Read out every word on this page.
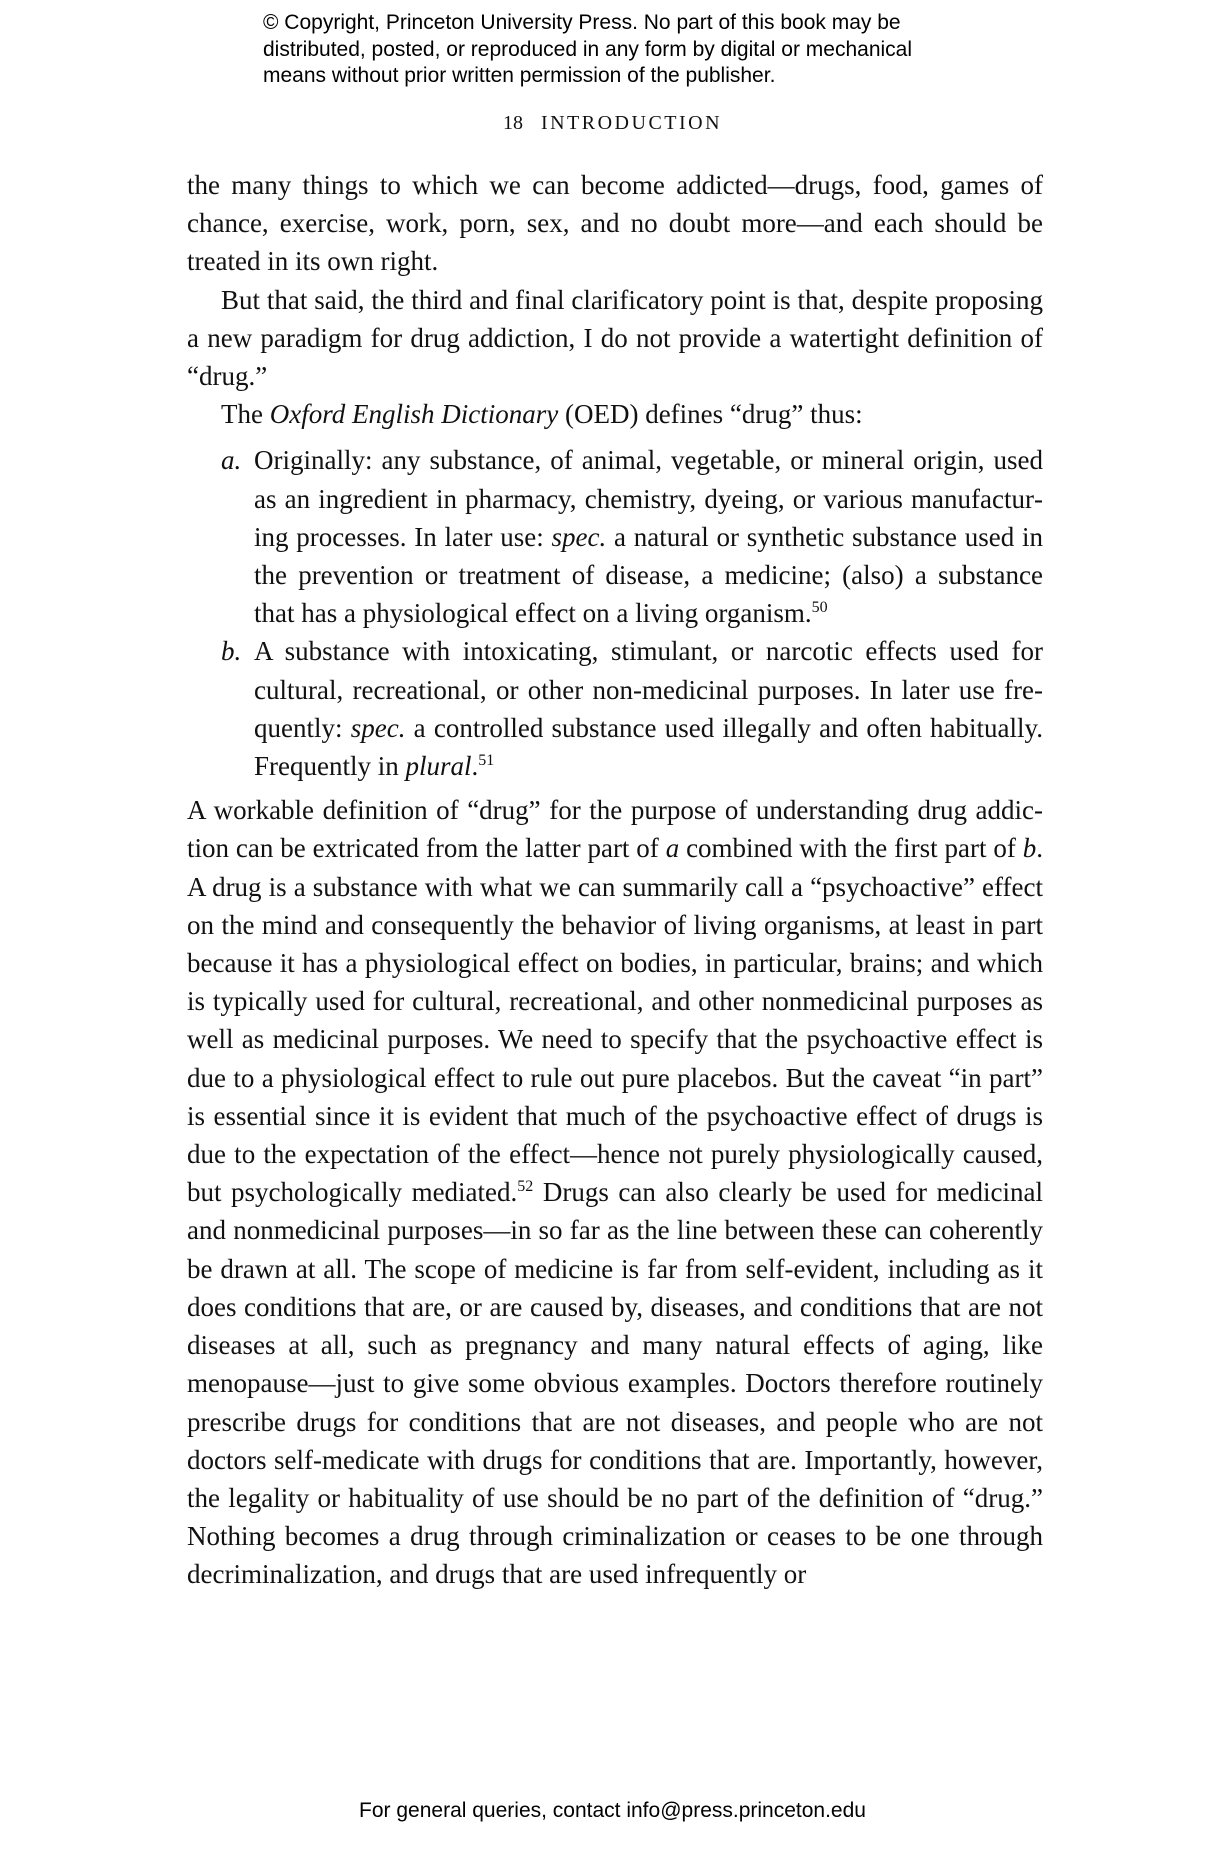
© Copyright, Princeton University Press. No part of this book may be
distributed, posted, or reproduced in any form by digital or mechanical
means without prior written permission of the publisher.
18 INTRODUCTION

the many things to which we can become addicted—drugs, food, games of chance, exercise, work, porn, sex, and no doubt more—and each should be treated in its own right.

But that said, the third and final clarificatory point is that, despite proposing a new paradigm for drug addiction, I do not provide a watertight definition of “drug.”

The Oxford English Dictionary (OED) defines “drug” thus:

a. Originally: any substance, of animal, vegetable, or mineral origin, used as an ingredient in pharmacy, chemistry, dyeing, or various manufacturing processes. In later use: spec. a natural or synthetic substance used in the prevention or treatment of disease, a medicine; (also) a substance that has a physiological effect on a living organism.$^{50}$
b. A substance with intoxicating, stimulant, or narcotic effects used for cultural, recreational, or other non-medicinal purposes. In later use frequently: spec. a controlled substance used illegally and often habitually. Frequently in plural.$^{51}$

A workable definition of “drug” for the purpose of understanding drug addiction can be extricated from the latter part of a combined with the first part of b. A drug is a substance with what we can summarily call a “psychoactive” effect on the mind and consequently the behavior of living organisms, at least in part because it has a physiological effect on bodies, in particular, brains; and which is typically used for cultural, recreational, and other nonmedicinal purposes as well as medicinal purposes. We need to specify that the psychoactive effect is due to a physiological effect to rule out pure placebos. But the caveat “in part” is essential since it is evident that much of the psychoactive effect of drugs is due to the expectation of the effect—hence not purely physiologically caused, but psychologically mediated.$^{52}$ Drugs can also clearly be used for medicinal and nonmedicinal purposes—in so far as the line between these can coherently be drawn at all. The scope of medicine is far from self-evident, including as it does conditions that are, or are caused by, diseases, and conditions that are not diseases at all, such as pregnancy and many natural effects of aging, like menopause—just to give some obvious examples. Doctors therefore routinely prescribe drugs for conditions that are not diseases, and people who are not doctors self-medicate with drugs for conditions that are. Importantly, however, the legality or habituality of use should be no part of the definition of “drug.” Nothing becomes a drug through criminalization or ceases to be one through decriminalization, and drugs that are used infrequently or

For general queries, contact info@press.princeton.edu
